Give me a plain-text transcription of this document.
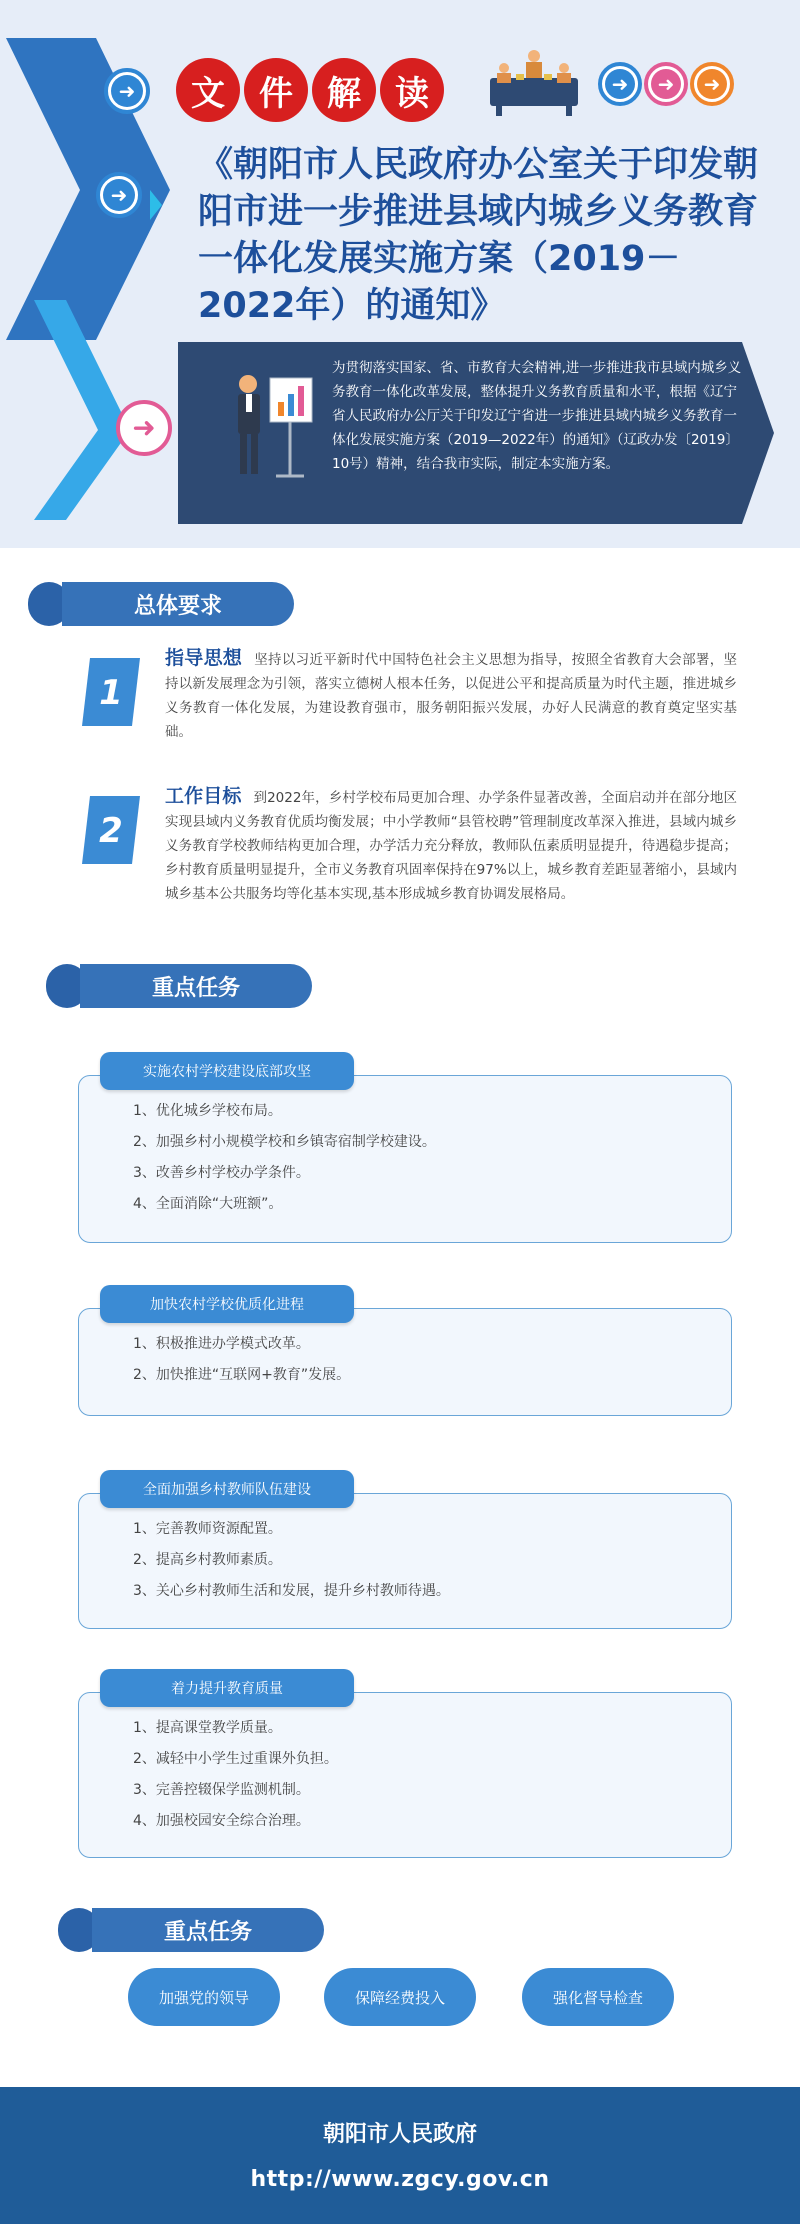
➜
➜
➜
文	件	解	读	➜	➜	➜
《朝阳市人民政府办公室关于印发朝阳市进一步推进县域内城乡义务教育一体化发展实施方案（2019－2022年）的通知》
为贯彻落实国家、省、市教育大会精神,进一步推进我市县域内城乡义务教育一体化改革发展，整体提升义务教育质量和水平，根据《辽宁省人民政府办公厅关于印发辽宁省进一步推进县域内城乡义务教育一体化发展实施方案（2019—2022年）的通知》（辽政办发〔2019〕10号）精神，结合我市实际，制定本实施方案。
总体要求
1
指导思想 坚持以习近平新时代中国特色社会主义思想为指导，按照全省教育大会部署，坚持以新发展理念为引领，落实立德树人根本任务，以促进公平和提高质量为时代主题，推进城乡义务教育一体化发展，为建设教育强市，服务朝阳振兴发展，办好人民满意的教育奠定坚实基础。
2
工作目标 到2022年，乡村学校布局更加合理、办学条件显著改善，全面启动并在部分地区实现县域内义务教育优质均衡发展；中小学教师“县管校聘”管理制度改革深入推进，县域内城乡义务教育学校教师结构更加合理，办学活力充分释放，教师队伍素质明显提升，待遇稳步提高；乡村教育质量明显提升，全市义务教育巩固率保持在97%以上，城乡教育差距显著缩小，县域内城乡基本公共服务均等化基本实现,基本形成城乡教育协调发展格局。
重点任务
1、优化城乡学校布局。
2、加强乡村小规模学校和乡镇寄宿制学校建设。
3、改善乡村学校办学条件。
4、全面消除“大班额”。
实施农村学校建设底部攻坚
1、积极推进办学模式改革。
2、加快推进“互联网+教育”发展。
加快农村学校优质化进程
1、完善教师资源配置。
2、提高乡村教师素质。
3、关心乡村教师生活和发展，提升乡村教师待遇。
全面加强乡村教师队伍建设
1、提高课堂教学质量。
2、减轻中小学生过重课外负担。
3、完善控辍保学监测机制。
4、加强校园安全综合治理。
着力提升教育质量
重点任务
加强党的领导	保障经费投入	强化督导检查
朝阳市人民政府
http://www.zgcy.gov.cn
